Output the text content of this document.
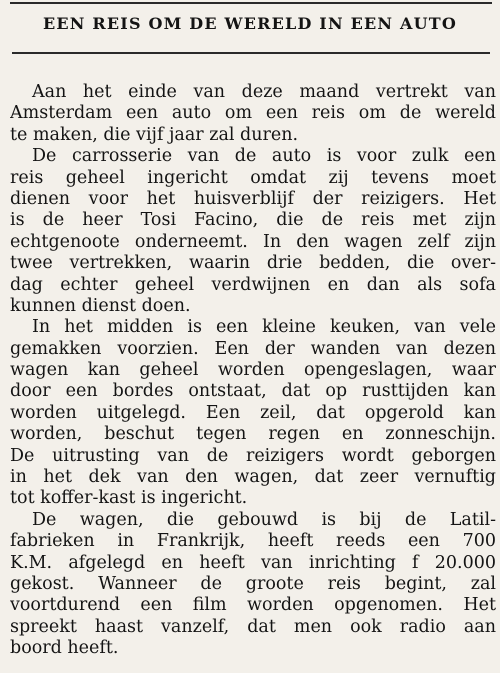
EEN REIS OM DE WERELD IN EEN AUTO
Aan het einde van deze maand vertrekt van
Amsterdam een auto om een reis om de wereld
te maken, die vijf jaar zal duren.
De carrosserie van de auto is voor zulk een
reis geheel ingericht omdat zij tevens moet
dienen voor het huisverblijf der reizigers. Het
is de heer Tosi Facino, die de reis met zijn
echtgenoote onderneemt. In den wagen zelf zijn
twee vertrekken, waarin drie bedden, die over-
dag echter geheel verdwijnen en dan als sofa
kunnen dienst doen.
In het midden is een kleine keuken, van vele
gemakken voorzien. Een der wanden van dezen
wagen kan geheel worden opengeslagen, waar
door een bordes ontstaat, dat op rusttijden kan
worden uitgelegd. Een zeil, dat opgerold kan
worden, beschut tegen regen en zonneschijn.
De uitrusting van de reizigers wordt geborgen
in het dek van den wagen, dat zeer vernuftig
tot koffer-kast is ingericht.
De wagen, die gebouwd is bij de Latil-
fabrieken in Frankrijk, heeft reeds een 700
K.M. afgelegd en heeft van inrichting f 20.000
gekost. Wanneer de groote reis begint, zal
voortdurend een film worden opgenomen. Het
spreekt haast vanzelf, dat men ook radio aan
boord heeft.
